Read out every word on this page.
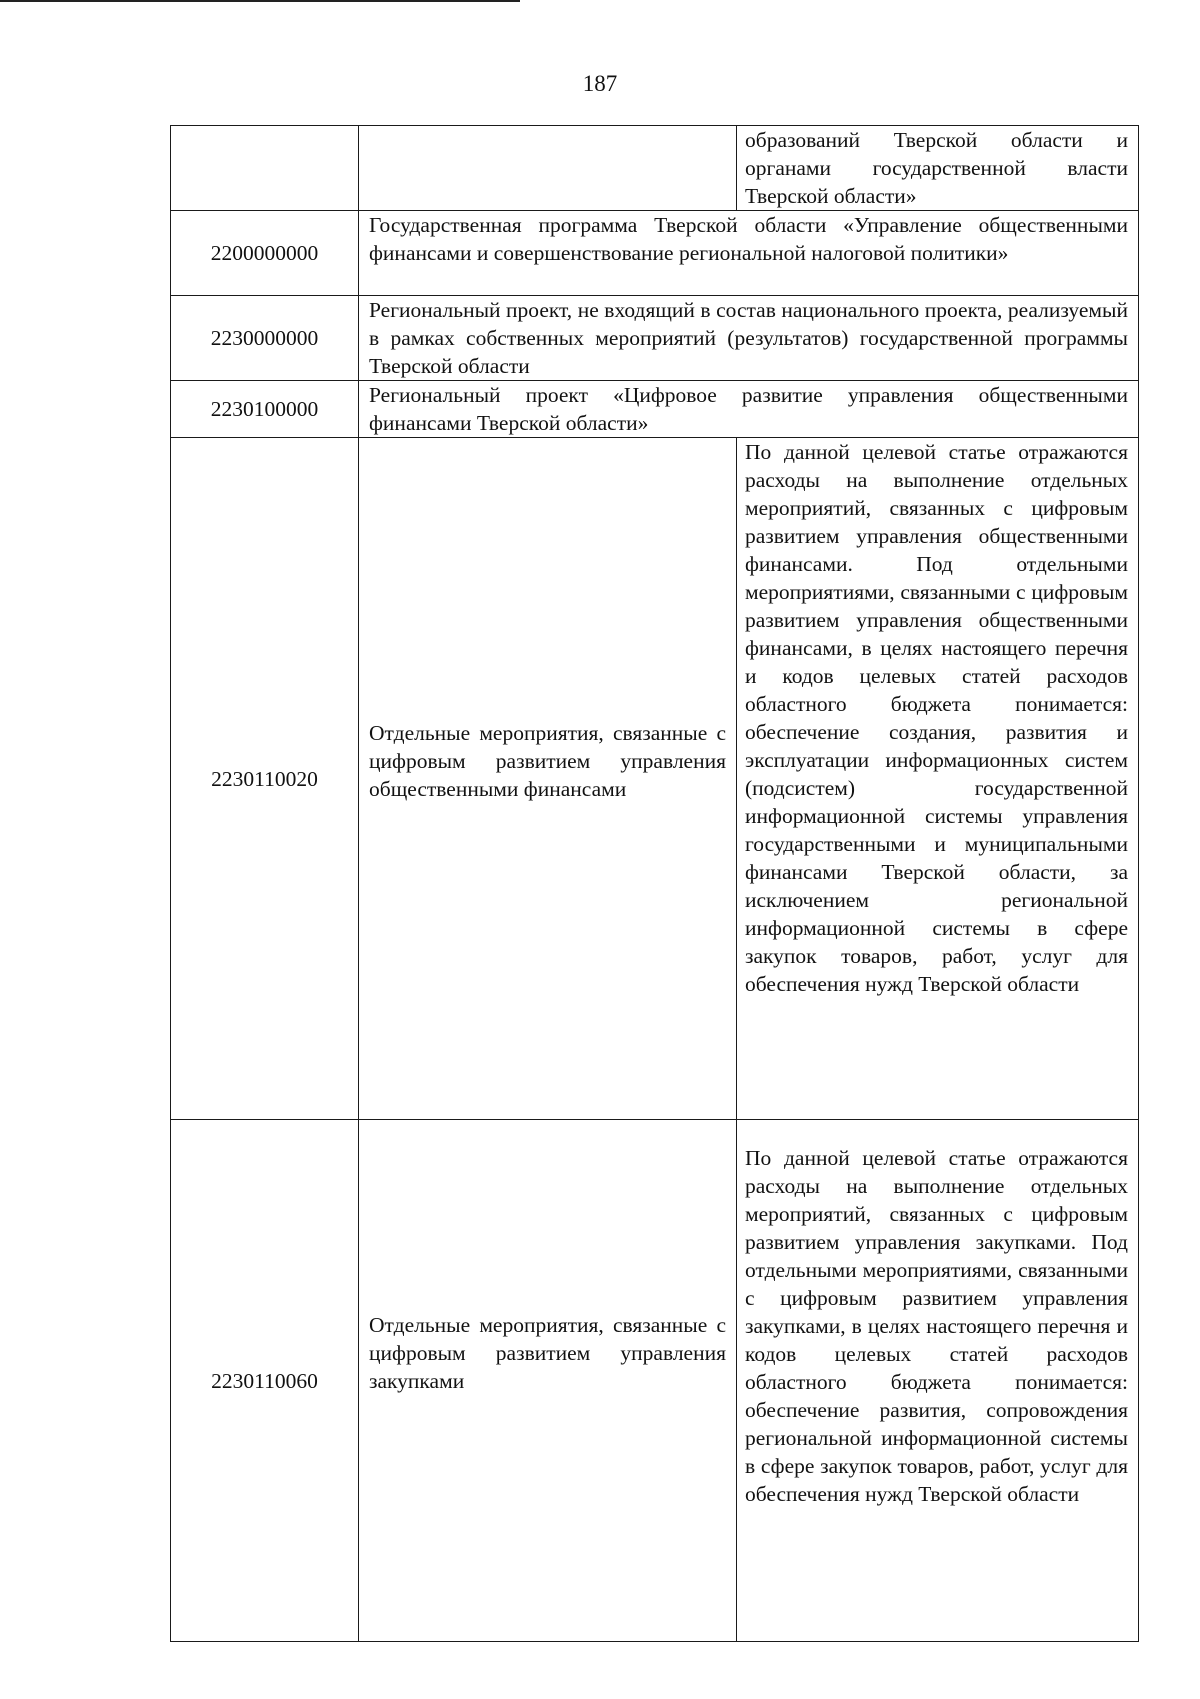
187
		образований Тверской области и органами государственной власти Тверской области»
2200000000	Государственная программа Тверской области «Управление общественными финансами и совершенствование региональной налоговой политики»	
2230000000	Региональный проект, не входящий в состав национального проекта, реализуемый в рамках собственных мероприятий (результатов) государственной программы Тверской области	
2230100000	Региональный проект «Цифровое развитие управления общественными финансами Тверской области»	
2230110020	Отдельные мероприятия, связанные с цифровым развитием управления общественными финансами	По данной целевой статье отражаются расходы на выполнение отдельных мероприятий, связанных с цифровым развитием управления общественными финансами. Под отдельными мероприятиями, связанными с цифровым развитием управления общественными финансами, в целях настоящего перечня и кодов целевых статей расходов областного бюджета понимается: обеспечение создания, развития и эксплуатации информационных систем (подсистем) государственной информационной системы управления государственными и муниципальными финансами Тверской области, за исключением региональной информационной системы в сфере закупок товаров, работ, услуг для обеспечения нужд Тверской области
2230110060	Отдельные мероприятия, связанные с цифровым развитием управления закупками	По данной целевой статье отражаются расходы на выполнение отдельных мероприятий, связанных с цифровым развитием управления закупками. Под отдельными мероприятиями, связанными с цифровым развитием управления закупками, в целях настоящего перечня и кодов целевых статей расходов областного бюджета понимается: обеспечение развития, сопровождения региональной информационной системы в сфере закупок товаров, работ, услуг для обеспечения нужд Тверской области
